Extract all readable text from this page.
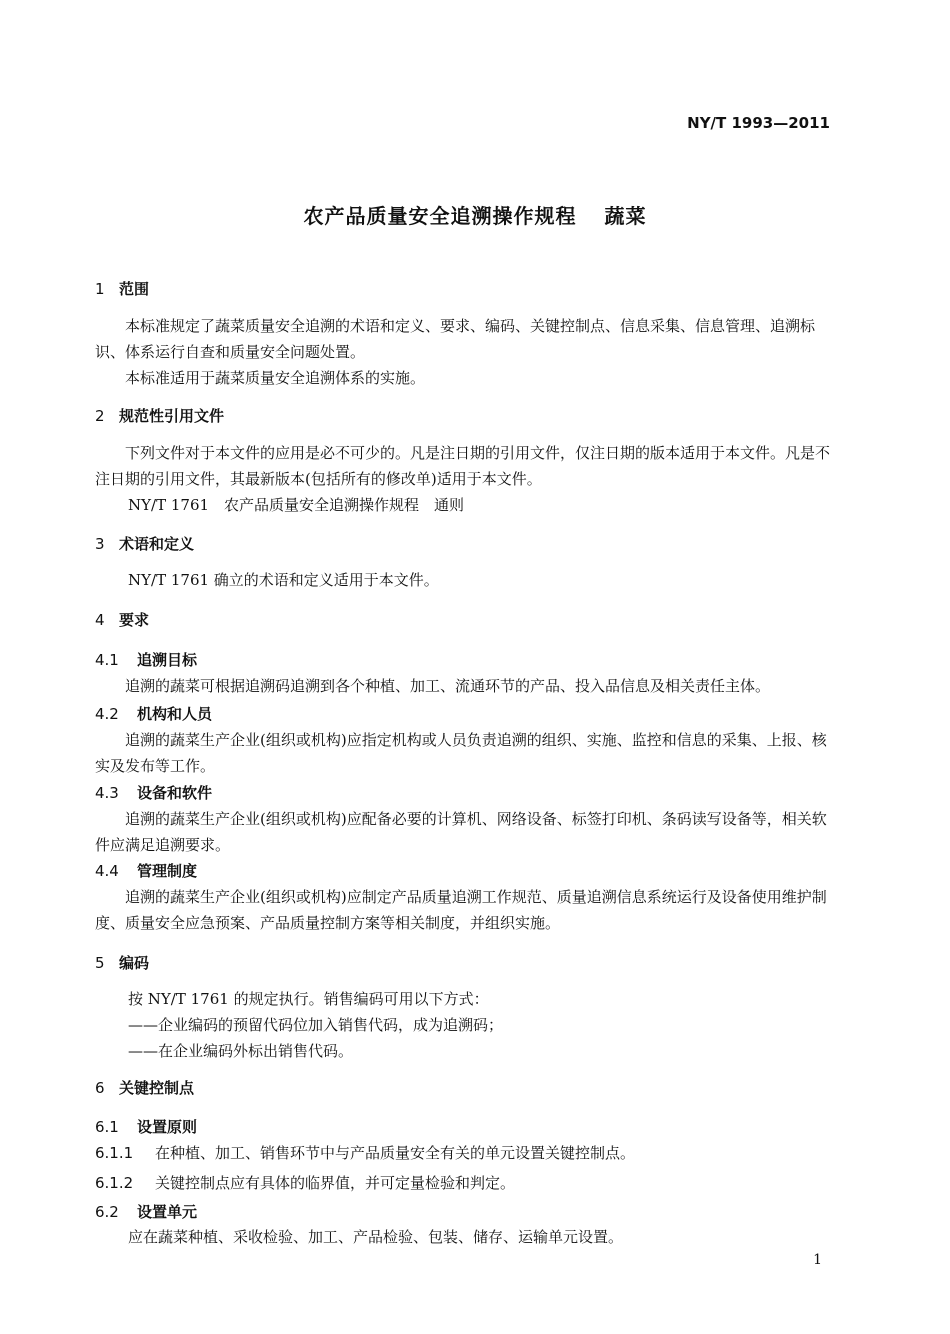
NY/T 1993—2011
农产品质量安全追溯操作规程 蔬菜
1 范围
本标准规定了蔬菜质量安全追溯的术语和定义、要求、编码、关键控制点、信息采集、信息管理、追溯标识、体系运行自查和质量安全问题处置。
本标准适用于蔬菜质量安全追溯体系的实施。
2 规范性引用文件
下列文件对于本文件的应用是必不可少的。凡是注日期的引用文件，仅注日期的版本适用于本文件。凡是不注日期的引用文件，其最新版本(包括所有的修改单)适用于本文件。
NY/T 1761　农产品质量安全追溯操作规程　通则
3 术语和定义
NY/T 1761 确立的术语和定义适用于本文件。
4 要求
4.1 追溯目标
追溯的蔬菜可根据追溯码追溯到各个种植、加工、流通环节的产品、投入品信息及相关责任主体。
4.2 机构和人员
追溯的蔬菜生产企业(组织或机构)应指定机构或人员负责追溯的组织、实施、监控和信息的采集、上报、核实及发布等工作。
4.3 设备和软件
追溯的蔬菜生产企业(组织或机构)应配备必要的计算机、网络设备、标签打印机、条码读写设备等，相关软件应满足追溯要求。
4.4 管理制度
追溯的蔬菜生产企业(组织或机构)应制定产品质量追溯工作规范、质量追溯信息系统运行及设备使用维护制度、质量安全应急预案、产品质量控制方案等相关制度，并组织实施。
5 编码
按 NY/T 1761 的规定执行。销售编码可用以下方式：
——企业编码的预留代码位加入销售代码，成为追溯码；
——在企业编码外标出销售代码。
6 关键控制点
6.1 设置原则
6.1.1 在种植、加工、销售环节中与产品质量安全有关的单元设置关键控制点。
6.1.2 关键控制点应有具体的临界值，并可定量检验和判定。
6.2 设置单元
应在蔬菜种植、采收检验、加工、产品检验、包装、储存、运输单元设置。
1
